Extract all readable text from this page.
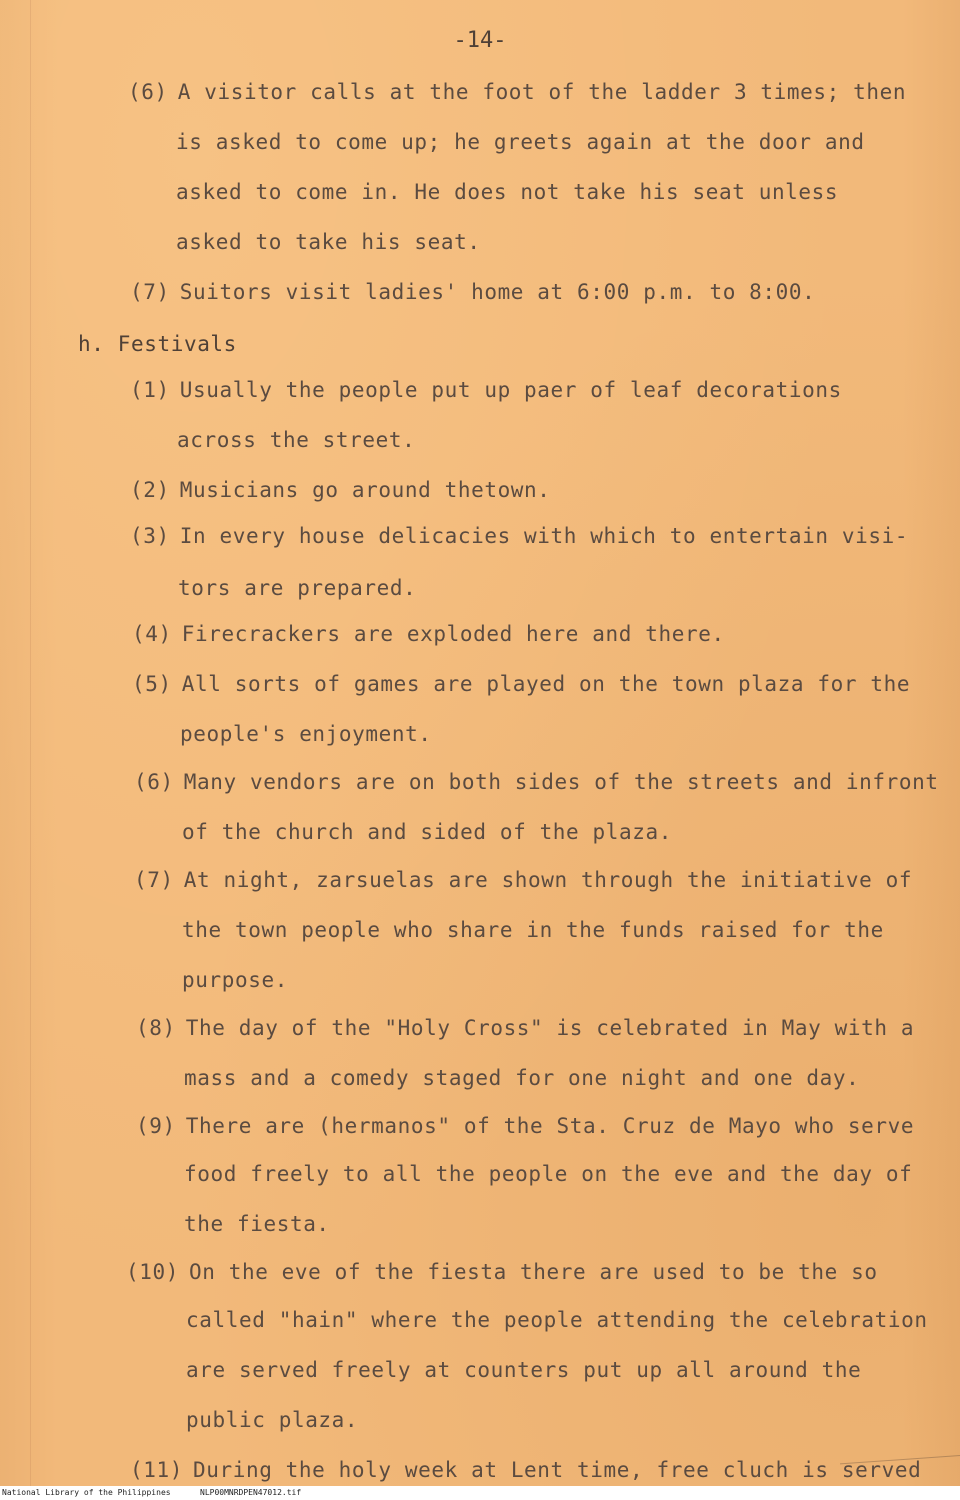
-14-
(6) A visitor calls at the foot of the ladder 3 times; then
is asked to come up; he greets again at the door and
asked to come in. He does not take his seat unless
asked to take his seat.
(7) Suitors visit ladies' home at 6:00 p.m. to 8:00.
h. Festivals
(1) Usually the people put up paer of leaf decorations
across the street.
(2) Musicians go around thetown.
(3) In every house delicacies with which to entertain visi-
tors are prepared.
(4) Firecrackers are exploded here and there.
(5) All sorts of games are played on the town plaza for the
people's enjoyment.
(6) Many vendors are on both sides of the streets and infront
of the church and sided of the plaza.
(7) At night, zarsuelas are shown through the initiative of
the town people who share in the funds raised for the
purpose.
(8) The day of the "Holy Cross" is celebrated in May with a
mass and a comedy staged for one night and one day.
(9) There are (hermanos" of the Sta. Cruz de Mayo who serve
food freely to all the people on the eve and the day of
the fiesta.
(10) On the eve of the fiesta there are used to be the so
called "hain" where the people attending the celebration
are served freely at counters put up all around the
public plaza.
(11) During the holy week at Lent time, free cluch is served
National Library of the Philippines	NLP00MNRDPEN47012.tif
